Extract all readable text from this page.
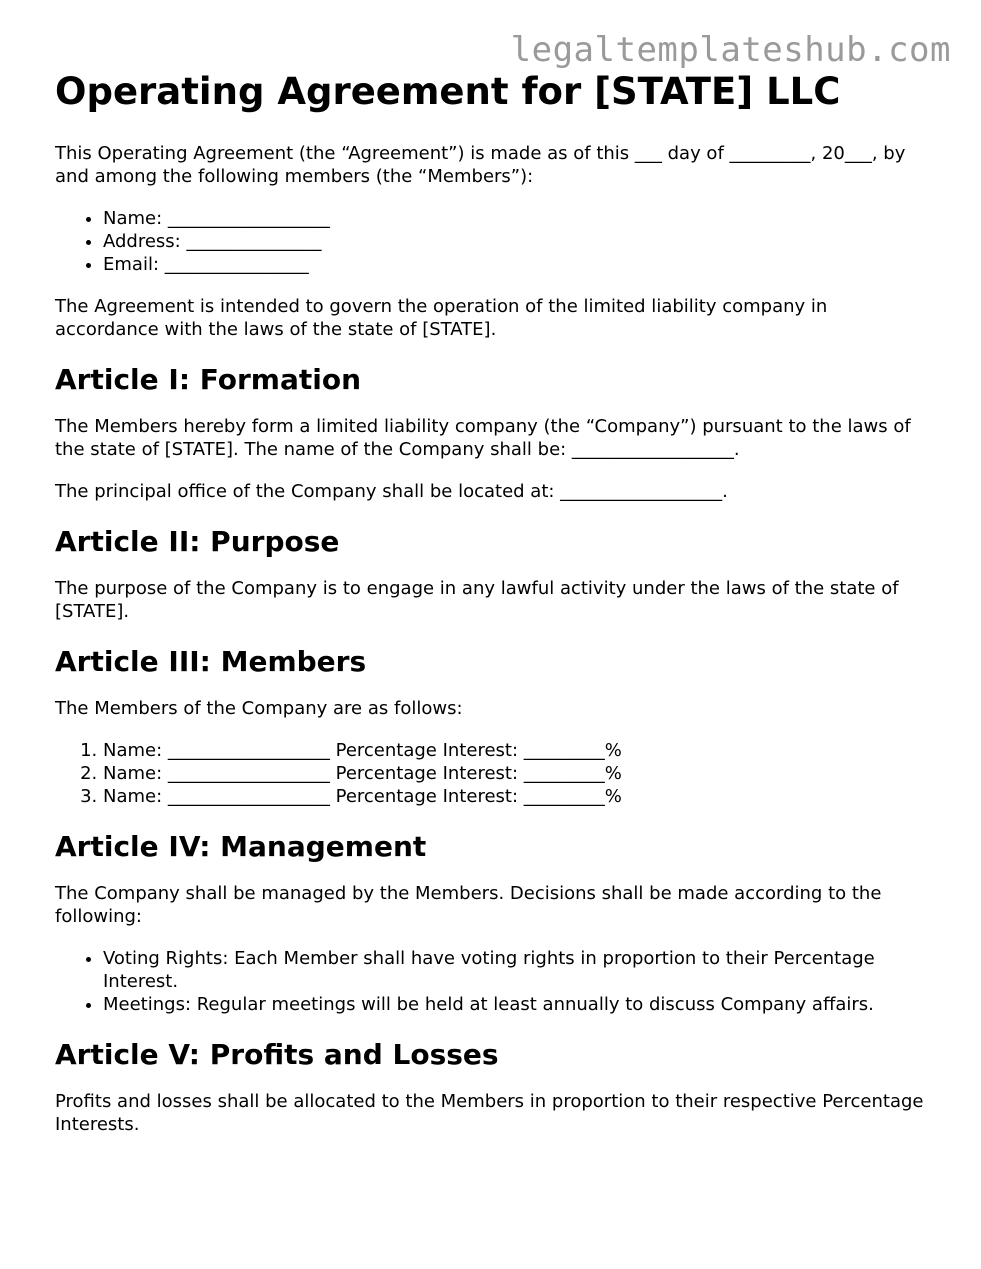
legaltemplateshub.com
Operating Agreement for [STATE] LLC

This Operating Agreement (the “Agreement”) is made as of this ___ day of _________, 20___, by and among the following members (the “Members”):

• Name: __________________
• Address: _______________
• Email: ________________

The Agreement is intended to govern the operation of the limited liability company in accordance with the laws of the state of [STATE].

Article I: Formation

The Members hereby form a limited liability company (the “Company”) pursuant to the laws of the state of [STATE]. The name of the Company shall be: __________________.

The principal office of the Company shall be located at: __________________.

Article II: Purpose

The purpose of the Company is to engage in any lawful activity under the laws of the state of [STATE].

Article III: Members

The Members of the Company are as follows:

1. Name: __________________ Percentage Interest: _________%
2. Name: __________________ Percentage Interest: _________%
3. Name: __________________ Percentage Interest: _________%
Article IV: Management

The Company shall be managed by the Members. Decisions shall be made according to the following:

• Voting Rights: Each Member shall have voting rights in proportion to their Percentage Interest.
• Meetings: Regular meetings will be held at least annually to discuss Company affairs.
Article V: Profits and Losses

Profits and losses shall be allocated to the Members in proportion to their respective Percentage Interests.
